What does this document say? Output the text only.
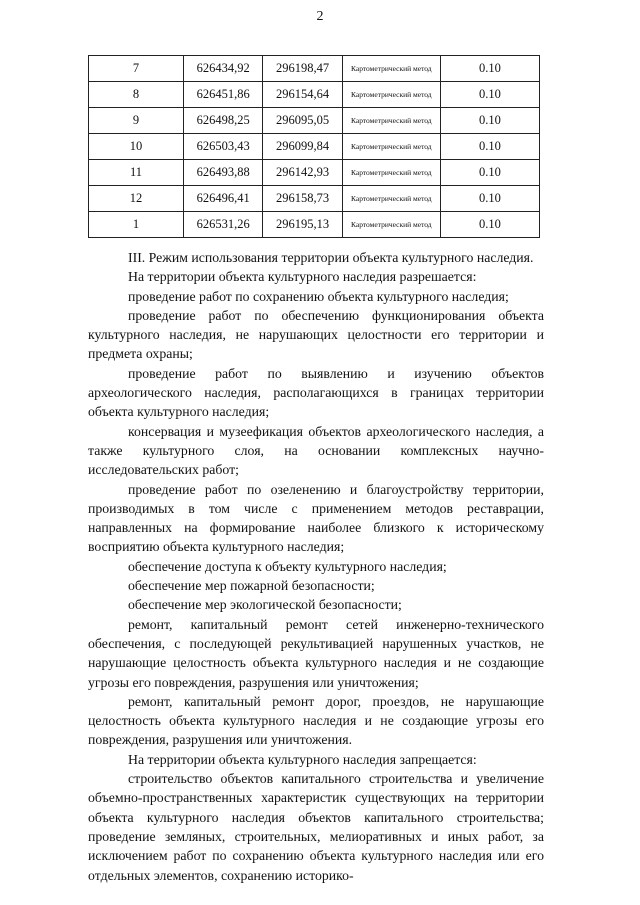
2
7	626434,92	296198,47	Картометрический метод	0.10
8	626451,86	296154,64	Картометрический метод	0.10
9	626498,25	296095,05	Картометрический метод	0.10
10	626503,43	296099,84	Картометрический метод	0.10
11	626493,88	296142,93	Картометрический метод	0.10
12	626496,41	296158,73	Картометрический метод	0.10
1	626531,26	296195,13	Картометрический метод	0.10

III. Режим использования территории объекта культурного наследия.

На территории объекта культурного наследия разрешается:

проведение работ по сохранению объекта культурного наследия;

проведение работ по обеспечению функционирования объекта культурного наследия, не нарушающих целостности его территории и предмета охраны;

проведение работ по выявлению и изучению объектов археологического наследия, располагающихся в границах территории объекта культурного наследия;

консервация и музеефикация объектов археологического наследия, а также культурного слоя, на основании комплексных научно-исследовательских работ;

проведение работ по озеленению и благоустройству территории, производимых в том числе с применением методов реставрации, направленных на формирование наиболее близкого к историческому восприятию объекта культурного наследия;

обеспечение доступа к объекту культурного наследия;

обеспечение мер пожарной безопасности;

обеспечение мер экологической безопасности;

ремонт, капитальный ремонт сетей инженерно-технического обеспечения, с последующей рекультивацией нарушенных участков, не нарушающие целостность объекта культурного наследия и не создающие угрозы его повреждения, разрушения или уничтожения;

ремонт, капитальный ремонт дорог, проездов, не нарушающие целостность объекта культурного наследия и не создающие угрозы его повреждения, разрушения или уничтожения.

На территории объекта культурного наследия запрещается:

строительство объектов капитального строительства и увеличение объемно-пространственных характеристик существующих на территории объекта культурного наследия объектов капитального строительства; проведение земляных, строительных, мелиоративных и иных работ, за исключением работ по сохранению объекта культурного наследия или его отдельных элементов, сохранению историко-
